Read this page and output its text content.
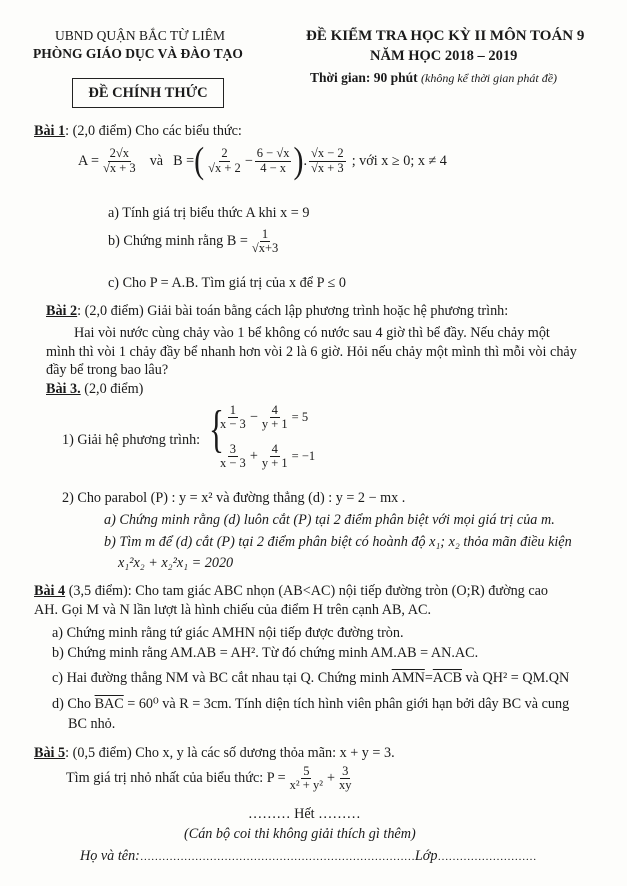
UBND QUẬN BẮC TỪ LIÊM
PHÒNG GIÁO DỤC VÀ ĐÀO TẠO
ĐỀ CHÍNH THỨC
ĐỀ KIỂM TRA HỌC KỲ II MÔN TOÁN 9
NĂM HỌC 2018 – 2019
Thời gian: 90 phút (không kể thời gian phát đề)
Bài 1: (2,0 điểm) Cho các biểu thức:
$A = \frac{2√x}{√x + 3}$ và B = ( $\frac{2}{√x + 2} - \frac{6 - √x}{4 - x}$ ) . $\frac{√x - 2}{√x + 3}$ ; với x ≥ 0; x ≠ 4
a) Tính giá trị biểu thức A khi x = 9
b) Chứng minh rằng $B = \frac{1}{√x+3}$
c) Cho P = A.B. Tìm giá trị của x để P ≤ 0
Bài 2: (2,0 điểm) Giải bài toán bằng cách lập phương trình hoặc hệ phương trình:
Hai vòi nước cùng chảy vào 1 bể không có nước sau 4 giờ thì bể đầy. Nếu chảy một
mình thì vòi 1 chảy đầy bể nhanh hơn vòi 2 là 6 giờ. Hỏi nếu chảy một mình thì mỗi vòi chảy
đầy bể trong bao lâu?
Bài 3. (2,0 điểm)
1) Giải hệ phương trình: {
$\frac{1}{x - 3} - \frac{4}{y + 1} = 5$
$\frac{3}{x - 3} + \frac{4}{y + 1} = -1$
2) Cho parabol (P) : y = x² và đường thẳng (d) : y = 2 − mx .
a) Chứng minh rằng (d) luôn cắt (P) tại 2 điểm phân biệt với mọi giá trị của m.
b) Tìm m để (d) cắt (P) tại 2 điểm phân biệt có hoành độ x₁; x₂ thỏa mãn điều kiện
x₁²x₂ + x₂²x₁ = 2020
Bài 4 (3,5 điểm): Cho tam giác ABC nhọn (AB<AC) nội tiếp đường tròn (O;R) đường cao
AH. Gọi M và N lần lượt là hình chiếu của điểm H trên cạnh AB, AC.
a) Chứng minh rằng tứ giác AMHN nội tiếp được đường tròn.
b) Chứng minh rằng AM.AB = AH². Từ đó chứng minh AM.AB = AN.AC.
c) Hai đường thẳng NM và BC cắt nhau tại Q. Chứng minh $\overline{AMN}=\overline{ACB}$ và QH² = QM.QN
d) Cho $\overline{BAC} = 60^0$ và R = 3cm. Tính diện tích hình viên phân giới hạn bởi dây BC và cung
BC nhỏ.
Bài 5: (0,5 điểm) Cho x, y là các số dương thỏa mãn: x + y = 3.
Tìm giá trị nhỏ nhất của biểu thức: $P = \frac{5}{\text{x² + y²}} + \frac{3}{xy}$
……… Hết ………
(Cán bộ coi thi không giải thích gì thêm)
Họ và tên:…………………………………………………………………Lớp………………………
